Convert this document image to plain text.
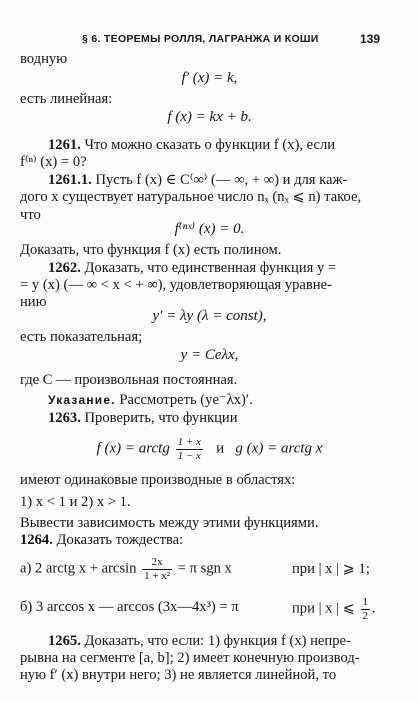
§ 6. ТЕОРЕМЫ РОЛЛЯ, ЛАГРАНЖА И КОШИ	139
водную
f′ (x) = k,
есть линейная:
f (x) = kx + b.
1261. Что можно сказать о функции f (x), если
f⁽ⁿ⁾ (x) = 0?
1261.1. Пусть f (x) ∈ C⁽∞⁾ (— ∞, + ∞) и для каж-
дого x существует натуральное число nₓ (nₓ ⩽ n) такое,
что
f⁽ⁿˣ⁾ (x) = 0.
Доказать, что функция f (x) есть полином.
1262. Доказать, что единственная функция y =
= y (x) (— ∞ < x < + ∞), удовлетворяющая уравне-
нию
y′ = λy (λ = const),
есть показательная;
y = Ceλx,
где C — произвольная постоянная.
Указание. Рассмотреть (ye⁻λx)′.
1263. Проверить, что функции
f (x) = arctg $\frac{1 + x}{1 - x}$ и g (x) = arctg x
имеют одинаковые производные в областях:
1) x < 1 и 2) x > 1.
Вывести зависимость между этими функциями.
1264. Доказать тождества:
а) 2 arctg $x + \arcsin \frac{2x}{\text{1 + x²}} = \pi$ sgn x	при | x | ⩾ 1;
б) 3 arccos x — arccos (3x—4x³) = π	при | x | ⩽ $\frac{1}{2}$ .
1265. Доказать, что если: 1) функция f (x) непре-
рывна на сегменте [a, b]; 2) имеет конечную производ-
ную f′ (x) внутри него; 3) не является линейной, то
